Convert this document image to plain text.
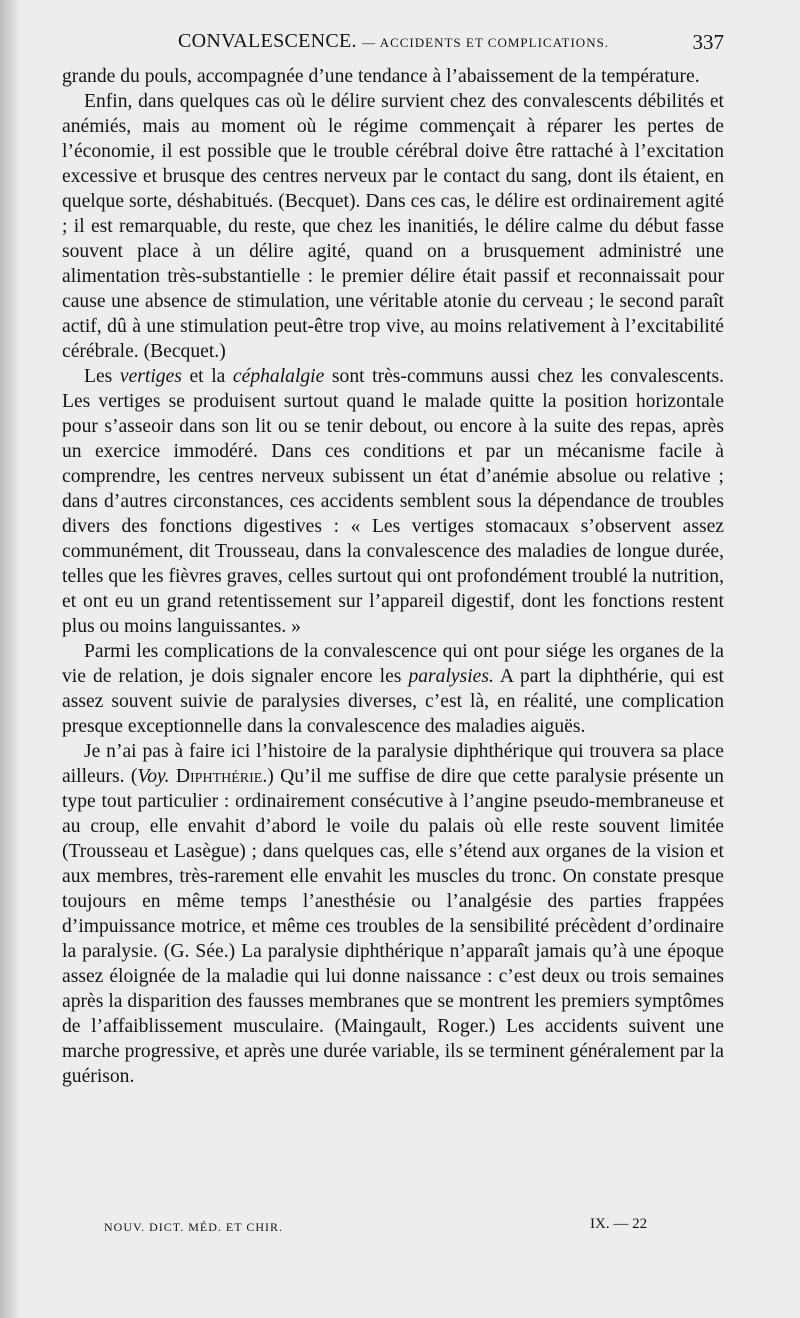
CONVALESCENCE. — ACCIDENTS ET COMPLICATIONS.	337

grande du pouls, accompagnée d’une tendance à l’abaissement de la température.

Enfin, dans quelques cas où le délire survient chez des convalescents débilités et anémiés, mais au moment où le régime commençait à réparer les pertes de l’économie, il est possible que le trouble cérébral doive être rattaché à l’excitation excessive et brusque des centres nerveux par le contact du sang, dont ils étaient, en quelque sorte, déshabitués. (Becquet). Dans ces cas, le délire est ordinairement agité ; il est remarquable, du reste, que chez les inanitiés, le délire calme du début fasse souvent place à un délire agité, quand on a brusquement administré une alimentation très-substantielle : le premier délire était passif et reconnaissait pour cause une absence de stimulation, une véritable atonie du cerveau ; le second paraît actif, dû à une stimulation peut-être trop vive, au moins relativement à l’excitabilité cérébrale. (Becquet.)

Les vertiges et la céphalalgie sont très-communs aussi chez les convalescents. Les vertiges se produisent surtout quand le malade quitte la position horizontale pour s’asseoir dans son lit ou se tenir debout, ou encore à la suite des repas, après un exercice immodéré. Dans ces conditions et par un mécanisme facile à comprendre, les centres nerveux subissent un état d’anémie absolue ou relative ; dans d’autres circonstances, ces accidents semblent sous la dépendance de troubles divers des fonctions digestives : « Les vertiges stomacaux s’observent assez communément, dit Trousseau, dans la convalescence des maladies de longue durée, telles que les fièvres graves, celles surtout qui ont profondément troublé la nutrition, et ont eu un grand retentissement sur l’appareil digestif, dont les fonctions restent plus ou moins languissantes. »

Parmi les complications de la convalescence qui ont pour siége les organes de la vie de relation, je dois signaler encore les paralysies. A part la diphthérie, qui est assez souvent suivie de paralysies diverses, c’est là, en réalité, une complication presque exceptionnelle dans la convalescence des maladies aiguës.

Je n’ai pas à faire ici l’histoire de la paralysie diphthérique qui trouvera sa place ailleurs. (Voy. Diphthérie.) Qu’il me suffise de dire que cette paralysie présente un type tout particulier : ordinairement consécutive à l’angine pseudo-membraneuse et au croup, elle envahit d’abord le voile du palais où elle reste souvent limitée (Trousseau et Lasègue) ; dans quelques cas, elle s’étend aux organes de la vision et aux membres, très-rarement elle envahit les muscles du tronc. On constate presque toujours en même temps l’anesthésie ou l’analgésie des parties frappées d’impuissance motrice, et même ces troubles de la sensibilité précèdent d’ordinaire la paralysie. (G. Sée.) La paralysie diphthérique n’apparaît jamais qu’à une époque assez éloignée de la maladie qui lui donne naissance : c’est deux ou trois semaines après la disparition des fausses membranes que se montrent les premiers symptômes de l’affaiblissement musculaire. (Maingault, Roger.) Les accidents suivent une marche progressive, et après une durée variable, ils se terminent généralement par la guérison.

NOUV. DICT. MÉD. ET CHIR.	IX. — 22
